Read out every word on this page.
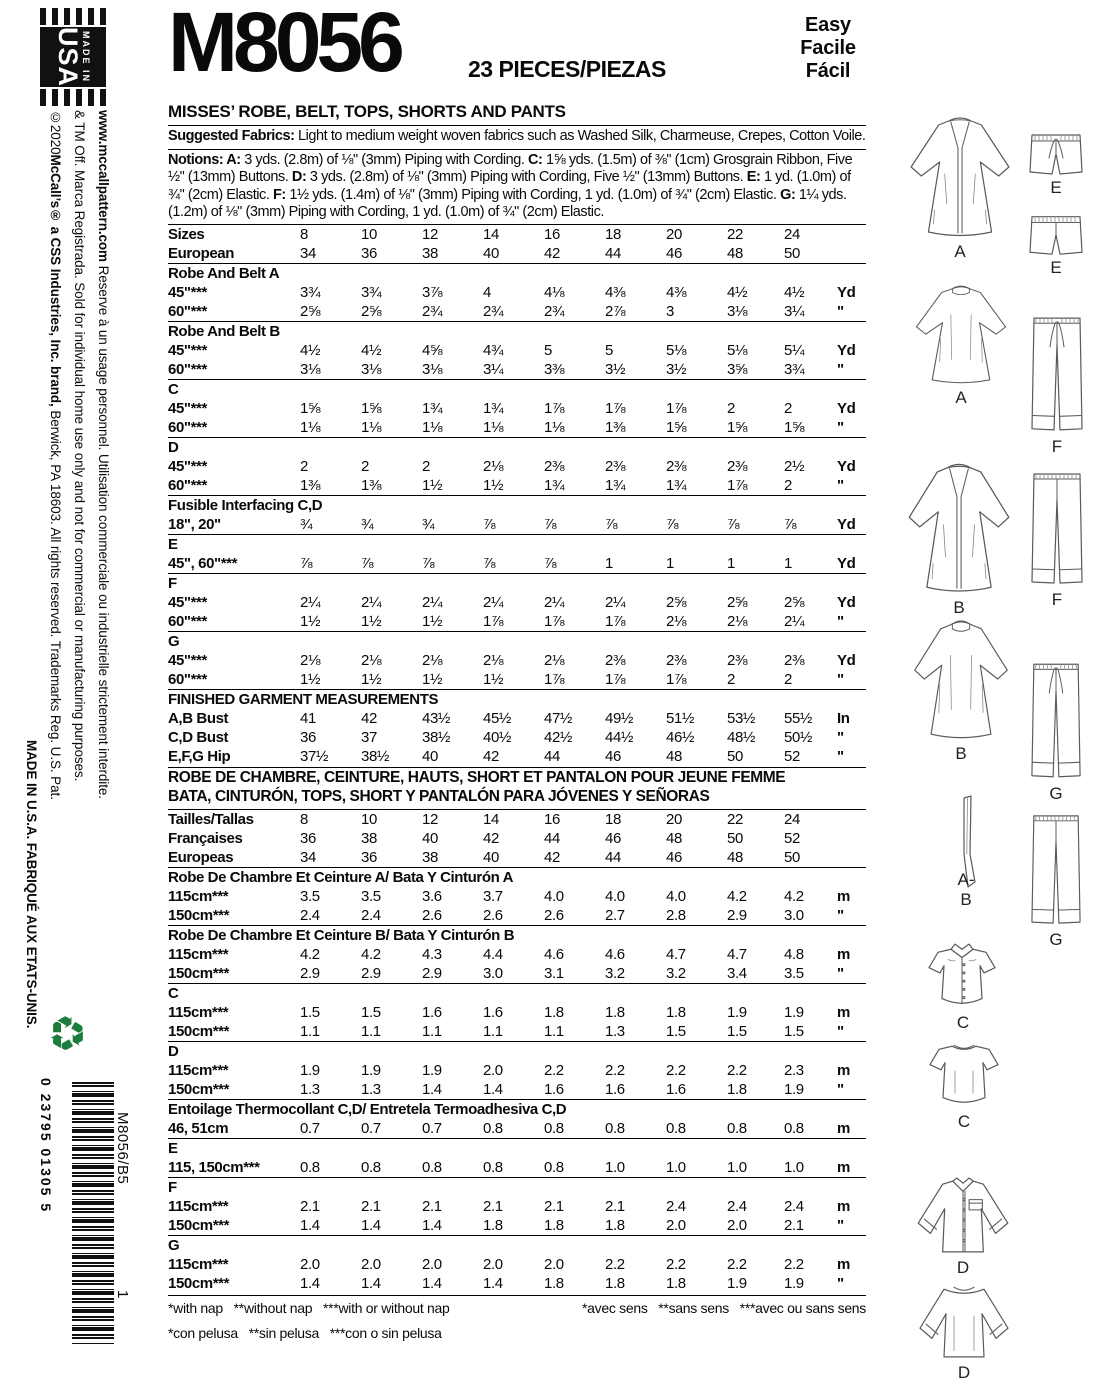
MADE IN
USA
MADE IN U.S.A. FABRIQUÉ AUX ETATS-UNIS.
©2020McCall’s® a CSS Industries, Inc. brand, Berwick, PA 18603. All rights reserved. Trademarks Reg. U.S. Pat. & TM Off. Marca Registrada. Sold for individual home use only and not for commercial or manufacturing purposes. www.mccallpattern.com Reserve à un usage personnel. Utilisation commerciale ou industrielle strictement interdite.
♻
0 23795 01305 5	M8056/B5
1
M8056	23 PIECES/PIEZAS
Easy
Facile
Fácil
MISSES’ ROBE, BELT, TOPS, SHORTS AND PANTS
Suggested Fabrics: Light to medium weight woven fabrics such as Washed Silk, Charmeuse, Crepes, Cotton Voile.
Notions: A: 3 yds. (2.8m) of ⅛" (3mm) Piping with Cording. C: 1⅝ yds. (1.5m) of ⅜" (1cm) Grosgrain Ribbon, Five ½" (13mm) Buttons. D: 3 yds. (2.8m) of ⅛" (3mm) Piping with Cording, Five ½" (13mm) Buttons. E: 1 yd. (1.0m) of ¾" (2cm) Elastic. F: 1½ yds. (1.4m) of ⅛" (3mm) Piping with Cording, 1 yd. (1.0m) of ¾" (2cm) Elastic. G: 1¼ yds. (1.2m) of ⅛" (3mm) Piping with Cording, 1 yd. (1.0m) of ¾" (2cm) Elastic.
Sizes	8	10	12	14	16	18	20	22	24
European	34	36	38	40	42	44	46	48	50
Robe And Belt A
45"***	3¾	3¾	3⅞	4	4⅛	4⅜	4⅜	4½	4½	Yd
60"***	2⅝	2⅝	2¾	2¾	2¾	2⅞	3	3⅛	3¼	"
Robe And Belt B
45"***	4½	4½	4⅝	4¾	5	5	5⅛	5⅛	5¼	Yd
60"***	3⅛	3⅛	3⅛	3¼	3⅜	3½	3½	3⅝	3¾	"
C
45"***	1⅝	1⅝	1¾	1¾	1⅞	1⅞	1⅞	2	2	Yd
60"***	1⅛	1⅛	1⅛	1⅛	1⅛	1⅜	1⅝	1⅝	1⅝	"
D
45"***	2	2	2	2⅛	2⅜	2⅜	2⅜	2⅜	2½	Yd
60"***	1⅜	1⅜	1½	1½	1¾	1¾	1¾	1⅞	2	"
Fusible Interfacing C,D
18", 20"	¾	¾	¾	⅞	⅞	⅞	⅞	⅞	⅞	Yd
E
45", 60"***	⅞	⅞	⅞	⅞	⅞	1	1	1	1	Yd
F
45"***	2¼	2¼	2¼	2¼	2¼	2¼	2⅝	2⅝	2⅝	Yd
60"***	1½	1½	1½	1⅞	1⅞	1⅞	2⅛	2⅛	2¼	"
G
45"***	2⅛	2⅛	2⅛	2⅛	2⅛	2⅜	2⅜	2⅜	2⅜	Yd
60"***	1½	1½	1½	1½	1⅞	1⅞	1⅞	2	2	"
FINISHED GARMENT MEASUREMENTS
A,B Bust	41	42	43½	45½	47½	49½	51½	53½	55½	In
C,D Bust	36	37	38½	40½	42½	44½	46½	48½	50½	"
E,F,G Hip	37½	38½	40	42	44	46	48	50	52	"
ROBE DE CHAMBRE, CEINTURE, HAUTS, SHORT ET PANTALON POUR JEUNE FEMME
BATA, CINTURÓN, TOPS, SHORT Y PANTALÓN PARA JÓVENES Y SEÑORAS
Tailles/Tallas	8	10	12	14	16	18	20	22	24
Françaises	36	38	40	42	44	46	48	50	52
Europeas	34	36	38	40	42	44	46	48	50
Robe De Chambre Et Ceinture A/ Bata Y Cinturón A
115cm***	3.5	3.5	3.6	3.7	4.0	4.0	4.0	4.2	4.2	m
150cm***	2.4	2.4	2.6	2.6	2.6	2.7	2.8	2.9	3.0	"
Robe De Chambre Et Ceinture B/ Bata Y Cinturón B
115cm***	4.2	4.2	4.3	4.4	4.6	4.6	4.7	4.7	4.8	m
150cm***	2.9	2.9	2.9	3.0	3.1	3.2	3.2	3.4	3.5	"
C
115cm***	1.5	1.5	1.6	1.6	1.8	1.8	1.8	1.9	1.9	m
150cm***	1.1	1.1	1.1	1.1	1.1	1.3	1.5	1.5	1.5	"
D
115cm***	1.9	1.9	1.9	2.0	2.2	2.2	2.2	2.2	2.3	m
150cm***	1.3	1.3	1.4	1.4	1.6	1.6	1.6	1.8	1.9	"
Entoilage Thermocollant C,D/ Entretela Termoadhesiva C,D
46, 51cm	0.7	0.7	0.7	0.8	0.8	0.8	0.8	0.8	0.8	m
E
115, 150cm***	0.8	0.8	0.8	0.8	0.8	1.0	1.0	1.0	1.0	m
F
115cm***	2.1	2.1	2.1	2.1	2.1	2.1	2.4	2.4	2.4	m
150cm***	1.4	1.4	1.4	1.8	1.8	1.8	2.0	2.0	2.1	"
G
115cm***	2.0	2.0	2.0	2.0	2.0	2.2	2.2	2.2	2.2	m
150cm***	1.4	1.4	1.4	1.4	1.8	1.8	1.8	1.9	1.9	"
*with nap   **without nap   ***with or without nap	*avec sens   **sans sens   ***avec ou sans sens
*con pelusa   **sin pelusa   ***con o sin pelusa
A
E
E
A
F
B	F
B
G
A-B
G
C
C
D
D
